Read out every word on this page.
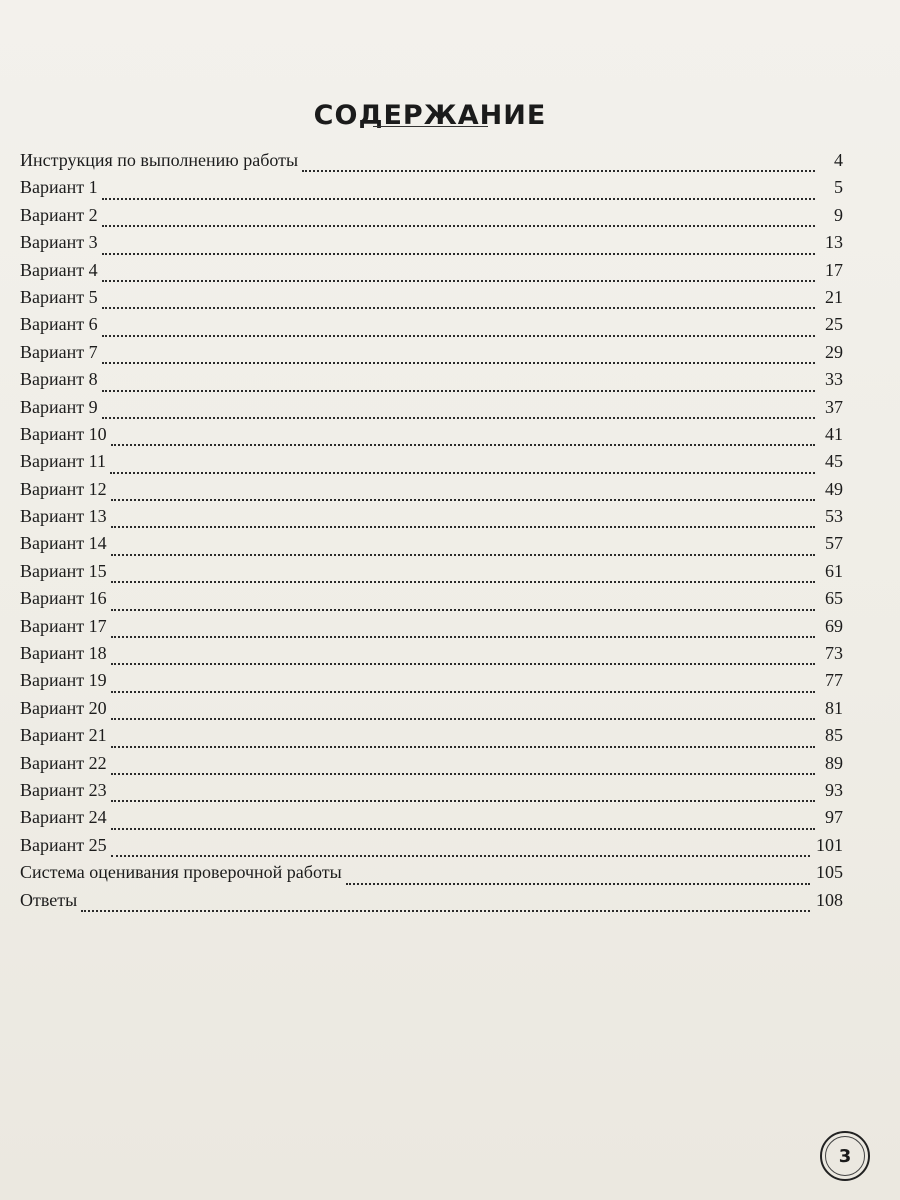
СОДЕРЖАНИЕ
Инструкция по выполнению работы	4
Вариант 1	5
Вариант 2	9
Вариант 3	13
Вариант 4	17
Вариант 5	21
Вариант 6	25
Вариант 7	29
Вариант 8	33
Вариант 9	37
Вариант 10	41
Вариант 11	45
Вариант 12	49
Вариант 13	53
Вариант 14	57
Вариант 15	61
Вариант 16	65
Вариант 17	69
Вариант 18	73
Вариант 19	77
Вариант 20	81
Вариант 21	85
Вариант 22	89
Вариант 23	93
Вариант 24	97
Вариант 25	101
Система оценивания проверочной работы	105
Ответы	108
3
